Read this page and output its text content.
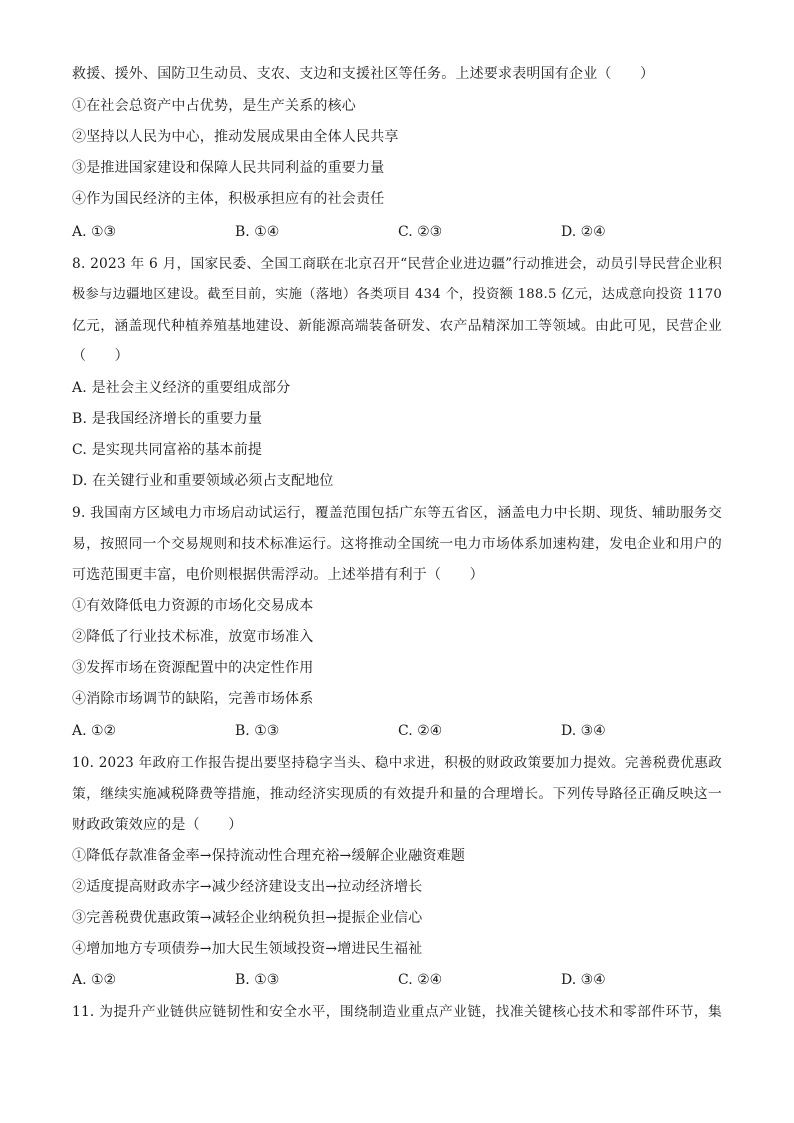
救援、援外、国防卫生动员、支农、支边和支援社区等任务。上述要求表明国有企业（　　）
①在社会总资产中占优势，是生产关系的核心
②坚持以人民为中心，推动发展成果由全体人民共享
③是推进国家建设和保障人民共同利益的重要力量
④作为国民经济的主体，积极承担应有的社会责任
A. ①③	B. ①④	C. ②③	D. ②④
8. 2023 年 6 月，国家民委、全国工商联在北京召开“民营企业进边疆”行动推进会，动员引导民营企业积
极参与边疆地区建设。截至目前，实施（落地）各类项目 434 个，投资额 188.5 亿元，达成意向投资 1170
亿元，涵盖现代种植养殖基地建设、新能源高端装备研发、农产品精深加工等领域。由此可见，民营企业
（　　）
A. 是社会主义经济的重要组成部分
B. 是我国经济增长的重要力量
C. 是实现共同富裕的基本前提
D. 在关键行业和重要领域必须占支配地位
9. 我国南方区域电力市场启动试运行，覆盖范围包括广东等五省区，涵盖电力中长期、现货、辅助服务交
易，按照同一个交易规则和技术标准运行。这将推动全国统一电力市场体系加速构建，发电企业和用户的
可选范围更丰富，电价则根据供需浮动。上述举措有利于（　　）
①有效降低电力资源的市场化交易成本
②降低了行业技术标准，放宽市场准入
③发挥市场在资源配置中的决定性作用
④消除市场调节的缺陷，完善市场体系
A. ①②	B. ①③	C. ②④	D. ③④
10. 2023 年政府工作报告提出要坚持稳字当头、稳中求进，积极的财政政策要加力提效。完善税费优惠政
策，继续实施减税降费等措施，推动经济实现质的有效提升和量的合理增长。下列传导路径正确反映这一
财政政策效应的是（　　）
①降低存款准备金率→保持流动性合理充裕→缓解企业融资难题
②适度提高财政赤字→减少经济建设支出→拉动经济增长
③完善税费优惠政策→减轻企业纳税负担→提振企业信心
④增加地方专项债券→加大民生领域投资→增进民生福祉
A. ①②	B. ①③	C. ②④	D. ③④
11. 为提升产业链供应链韧性和安全水平，围绕制造业重点产业链，找准关键核心技术和零部件环节，集
